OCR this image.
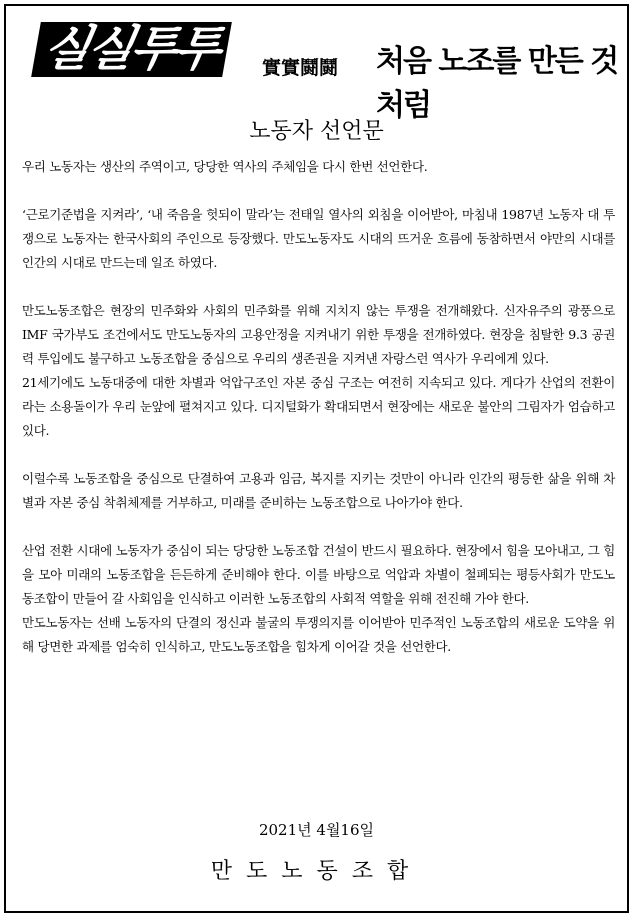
실실투투	實實鬪鬪 처음 노조를 만든 것 처럼
노동자 선언문

우리 노동자는 생산의 주역이고, 당당한 역사의 주체임을 다시 한번 선언한다.

‘근로기준법을 지켜라’, ‘내 죽음을 헛되이 말라’는 전태일 열사의 외침을 이어받아, 마침내 1987년 노동자 대 투쟁으로 노동자는 한국사회의 주인으로 등장했다. 만도노동자도 시대의 뜨거운 흐름에 동참하면서 야만의 시대를 인간의 시대로 만드는데 일조 하였다.

만도노동조합은 현장의 민주화와 사회의 민주화를 위해 지치지 않는 투쟁을 전개해왔다. 신자유주의 광풍으로 IMF 국가부도 조건에서도 만도노동자의 고용안정을 지켜내기 위한 투쟁을 전개하였다. 현장을 침탈한 9.3 공권력 투입에도 불구하고 노동조합을 중심으로 우리의 생존권을 지켜낸 자랑스런 역사가 우리에게 있다.

21세기에도 노동대중에 대한 차별과 억압구조인 자본 중심 구조는 여전히 지속되고 있다. 게다가 산업의 전환이라는 소용돌이가 우리 눈앞에 펼쳐지고 있다. 디지털화가 확대되면서 현장에는 새로운 불안의 그림자가 엄습하고 있다.

이럴수록 노동조합을 중심으로 단결하여 고용과 임금, 복지를 지키는 것만이 아니라 인간의 평등한 삶을 위해 차별과 자본 중심 착취체제를 거부하고, 미래를 준비하는 노동조합으로 나아가야 한다.

산업 전환 시대에 노동자가 중심이 되는 당당한 노동조합 건설이 반드시 필요하다. 현장에서 힘을 모아내고, 그 힘을 모아 미래의 노동조합을 든든하게 준비해야 한다. 이를 바탕으로 억압과 차별이 철폐되는 평등사회가 만도노동조합이 만들어 갈 사회임을 인식하고 이러한 노동조합의 사회적 역할을 위해 전진해 가야 한다.

만도노동자는 선배 노동자의 단결의 정신과 불굴의 투쟁의지를 이어받아 민주적인 노동조합의 새로운 도약을 위해 당면한 과제를 엄숙히 인식하고, 만도노동조합을 힘차게 이어갈 것을 선언한다.

2021년 4월16일
만도노동조합
